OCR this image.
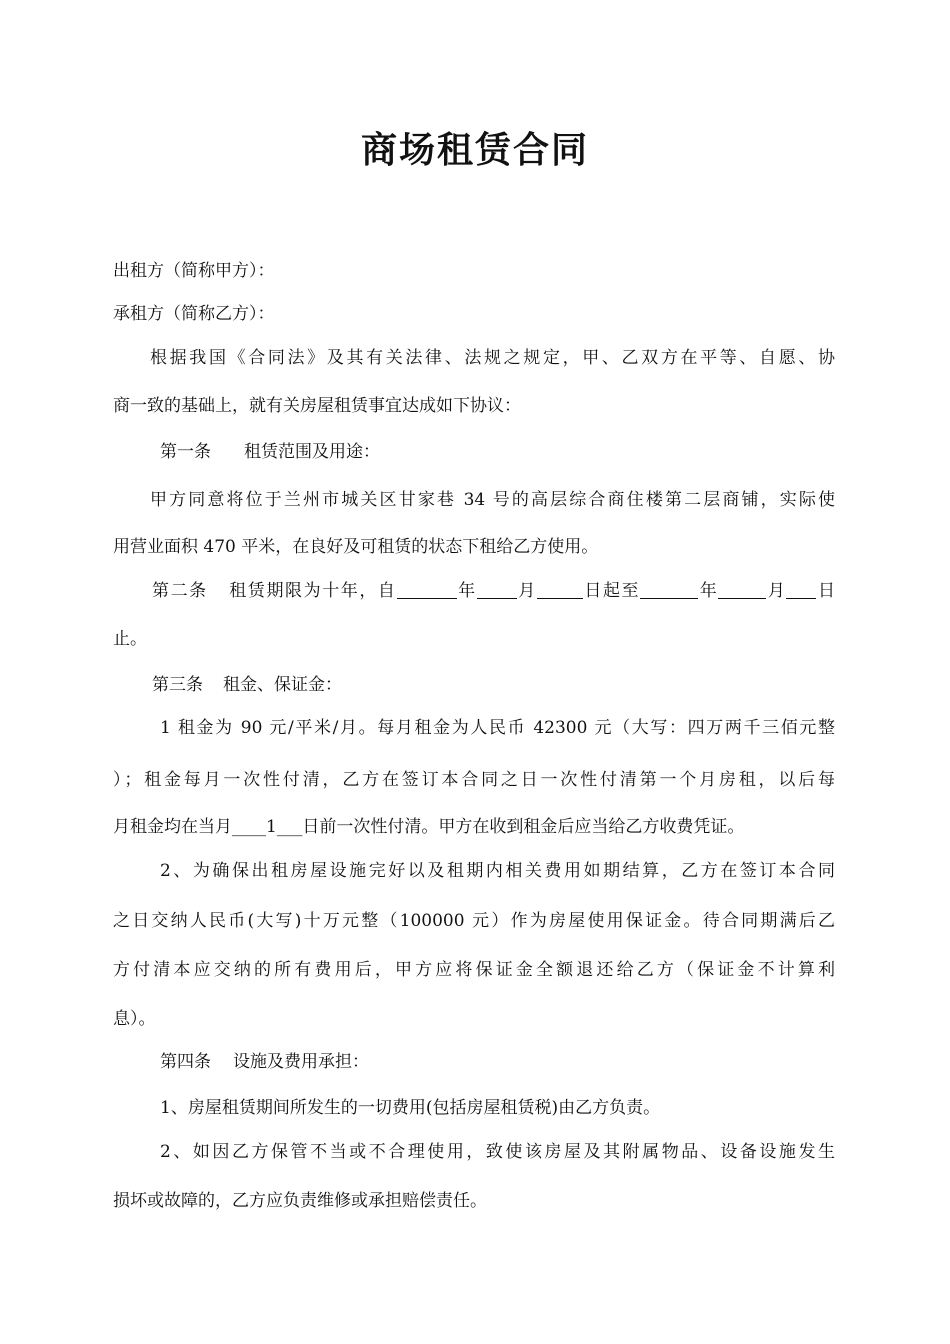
商场租赁合同
出租方（简称甲方）：
承租方（简称乙方）：
根据我国《合同法》及其有关法律、法规之规定，甲、乙双方在平等、自愿、协
商一致的基础上，就有关房屋租赁事宜达成如下协议：
第一条 租赁范围及用途：
甲方同意将位于兰州市城关区甘家巷 34 号的高层综合商住楼第二层商铺，实际使
用营业面积 470 平米，在良好及可租赁的状态下租给乙方使用。
第二条 租赁期限为十年，自	年 月	日起至	年	月 日
止。
第三条 租金、保证金：
1 租金为 90 元/平米/月。每月租金为人民币 42300 元（大写：四万两千三佰元整
）；租金每月一次性付清，乙方在签订本合同之日一次性付清第一个月房租，以后每
月租金均在当月____1___日前一次性付清。甲方在收到租金后应当给乙方收费凭证。
2、为确保出租房屋设施完好以及租期内相关费用如期结算，乙方在签订本合同
之日交纳人民币(大写)十万元整（100000 元）作为房屋使用保证金。待合同期满后乙
方付清本应交纳的所有费用后，甲方应将保证金全额退还给乙方（保证金不计算利
息）。
第四条 设施及费用承担：
1、房屋租赁期间所发生的一切费用(包括房屋租赁税)由乙方负责。
2、如因乙方保管不当或不合理使用，致使该房屋及其附属物品、设备设施发生
损坏或故障的，乙方应负责维修或承担赔偿责任。
